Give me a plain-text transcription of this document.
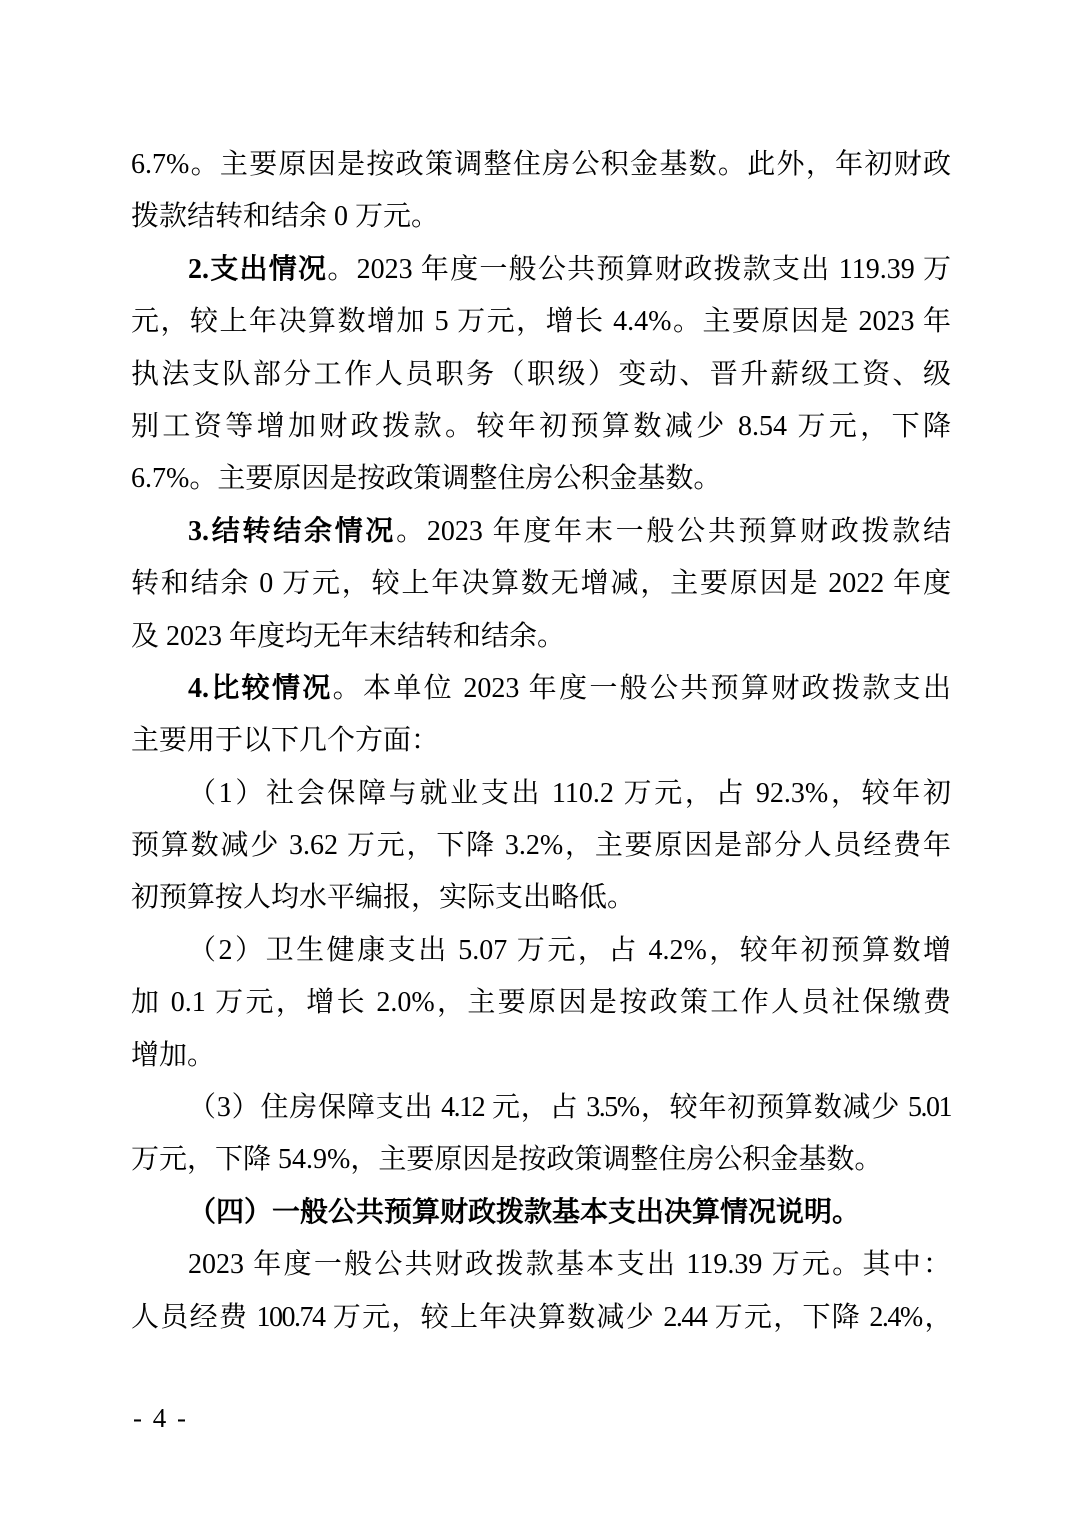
6.7%。主要原因是按政策调整住房公积金基数。此外，年初财政
拨款结转和结余 0 万元。
2.支出情况。2023 年度一般公共预算财政拨款支出 119.39 万
元，较上年决算数增加 5 万元，增长 4.4%。主要原因是 2023 年
执法支队部分工作人员职务（职级）变动、晋升薪级工资、级
别工资等增加财政拨款。较年初预算数减少 8.54 万元，下降
6.7%。主要原因是按政策调整住房公积金基数。
3.结转结余情况。2023 年度年末一般公共预算财政拨款结
转和结余 0 万元，较上年决算数无增减，主要原因是 2022 年度
及 2023 年度均无年末结转和结余。
4.比较情况。本单位 2023 年度一般公共预算财政拨款支出
主要用于以下几个方面：
（1）社会保障与就业支出 110.2 万元，占 92.3%，较年初
预算数减少 3.62 万元，下降 3.2%，主要原因是部分人员经费年
初预算按人均水平编报，实际支出略低。
（2）卫生健康支出 5.07 万元，占 4.2%，较年初预算数增
加 0.1 万元，增长 2.0%，主要原因是按政策工作人员社保缴费
增加。
（3）住房保障支出 4.12 元，占 3.5%，较年初预算数减少 5.01
万元，下降 54.9%，主要原因是按政策调整住房公积金基数。
（四）一般公共预算财政拨款基本支出决算情况说明。
2023 年度一般公共财政拨款基本支出 119.39 万元。其中：
人员经费 100.74 万元，较上年决算数减少 2.44 万元，下降 2.4%，
- 4 -
